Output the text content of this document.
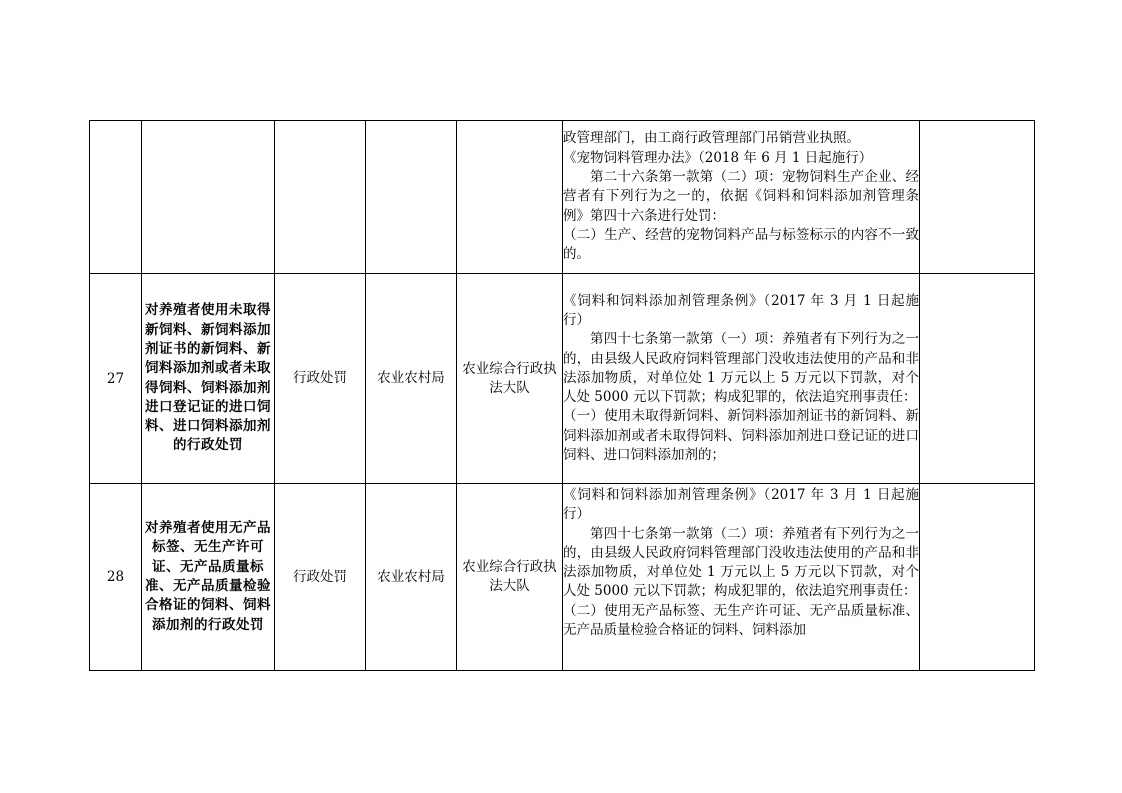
					政管理部门，由工商行政管理部门吊销营业执照。

《宠物饲料管理办法》（2018 年 6 月 1 日起施行）

第二十六条第一款第（二）项：宠物饲料生产企业、经营者有下列行为之一的，依据《饲料和饲料添加剂管理条例》第四十六条进行处罚：

（二）生产、经营的宠物饲料产品与标签标示的内容不一致的。	

27	对养殖者使用未取得新饲料、新饲料添加剂证书的新饲料、新饲料添加剂或者未取得饲料、饲料添加剂进口登记证的进口饲料、进口饲料添加剂的行政处罚	行政处罚	农业农村局	农业综合行政执法大队	《饲料和饲料添加剂管理条例》（2017 年 3 月 1 日起施行）

第四十七条第一款第（一）项：养殖者有下列行为之一的，由县级人民政府饲料管理部门没收违法使用的产品和非法添加物质，对单位处 1 万元以上 5 万元以下罚款，对个人处 5000 元以下罚款；构成犯罪的，依法追究刑事责任：

（一）使用未取得新饲料、新饲料添加剂证书的新饲料、新饲料添加剂或者未取得饲料、饲料添加剂进口登记证的进口饲料、进口饲料添加剂的；	

28	对养殖者使用无产品标签、无生产许可证、无产品质量标准、无产品质量检验合格证的饲料、饲料添加剂的行政处罚	行政处罚	农业农村局	农业综合行政执法大队	《饲料和饲料添加剂管理条例》（2017 年 3 月 1 日起施行）

第四十七条第一款第（二）项：养殖者有下列行为之一的，由县级人民政府饲料管理部门没收违法使用的产品和非法添加物质，对单位处 1 万元以上 5 万元以下罚款，对个人处 5000 元以下罚款；构成犯罪的，依法追究刑事责任：

（二）使用无产品标签、无生产许可证、无产品质量标准、无产品质量检验合格证的饲料、饲料添加	
